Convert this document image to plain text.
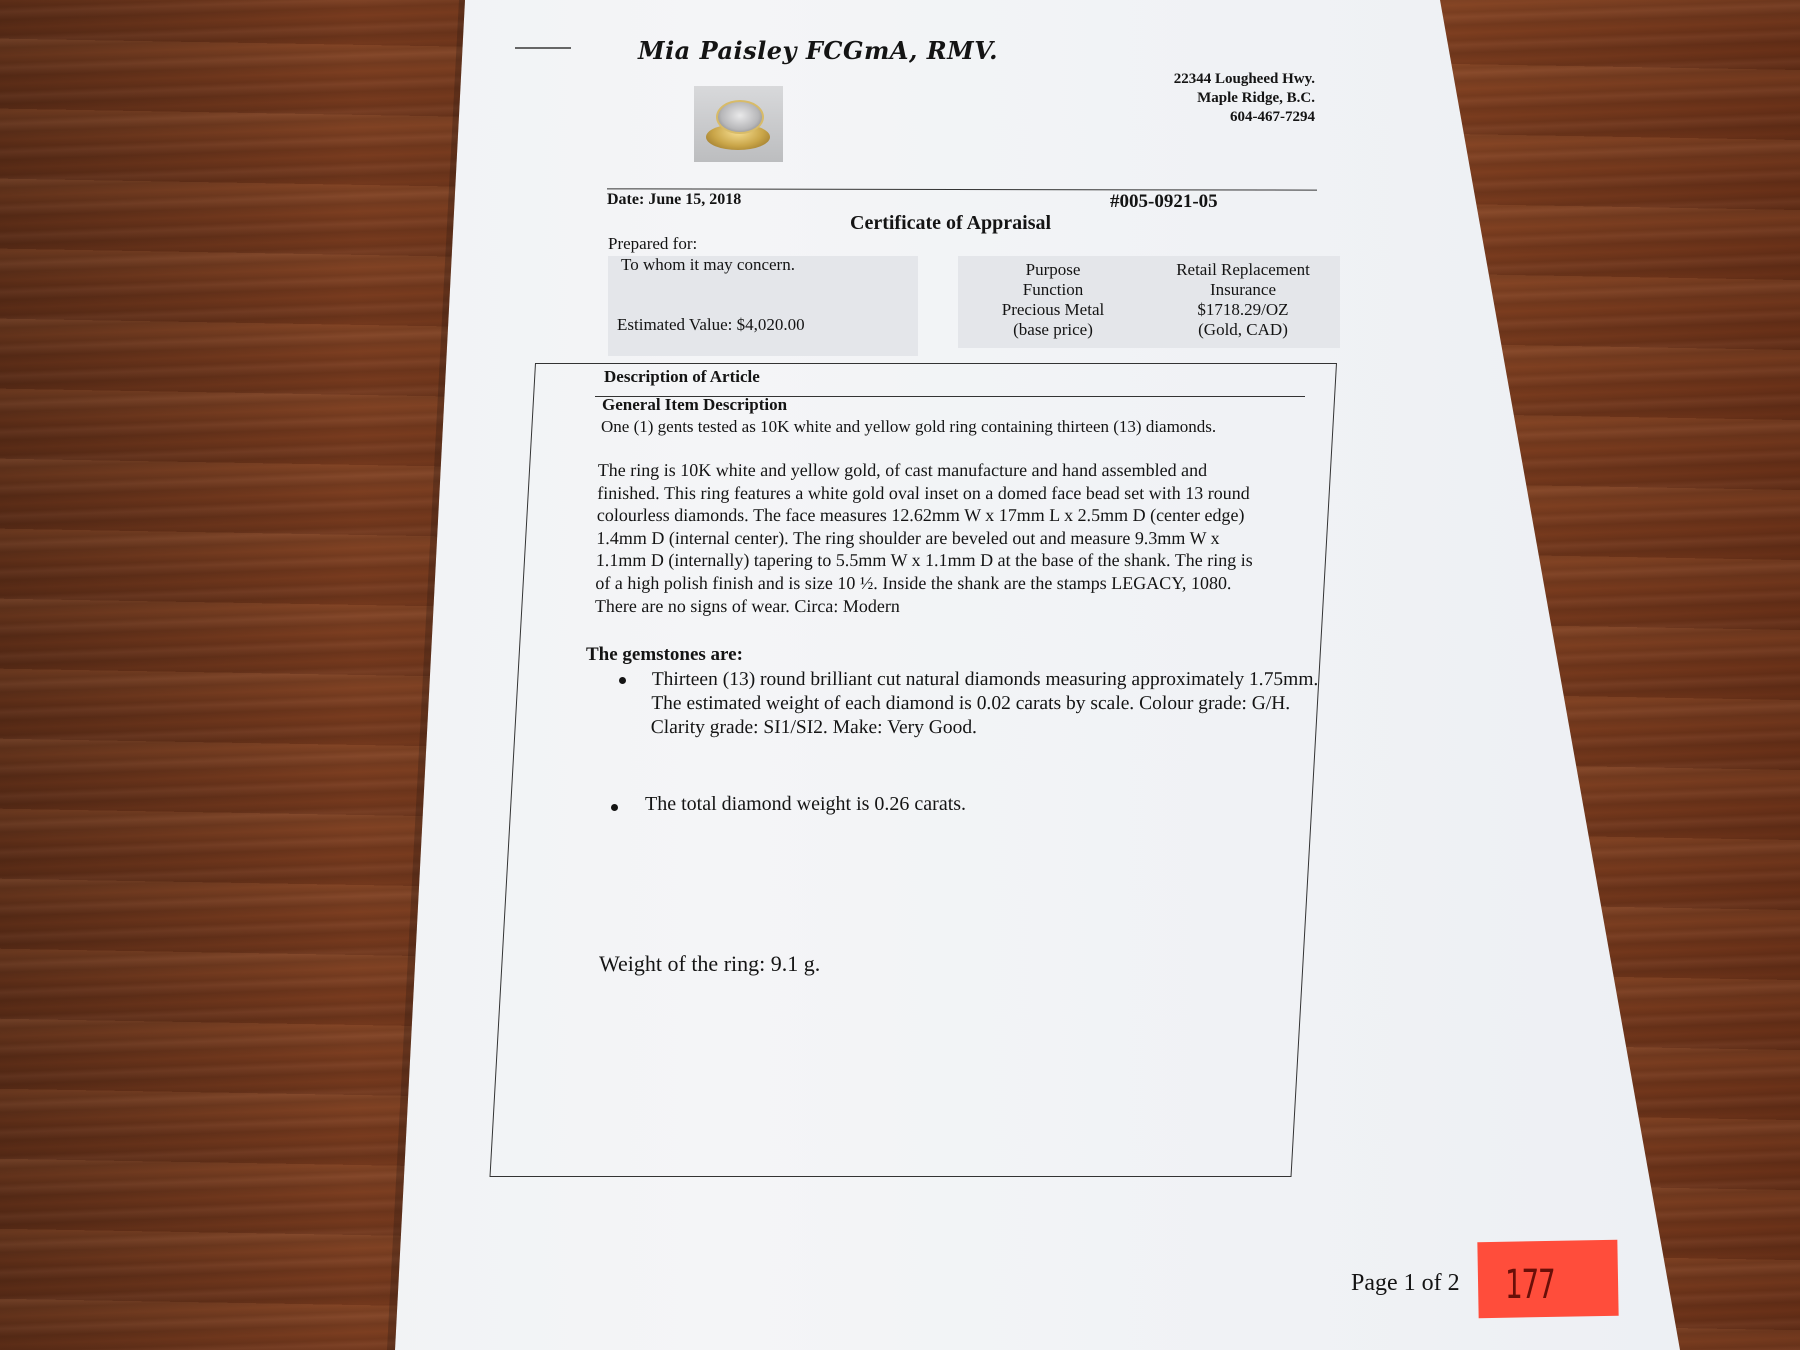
Mia Paisley FCGmA, RMV.
22344 Lougheed Hwy.
Maple Ridge, B.C.
604-467-7294
Date: June 15, 2018	#005-0921-05
Certificate of Appraisal
Prepared for:
To whom it may concern.
Estimated Value: $4,020.00
Purpose
Function
Precious Metal
(base price)
Retail Replacement
Insurance
$1718.29/OZ
(Gold, CAD)
Description of Article
General Item Description
One (1) gents tested as 10K white and yellow gold ring containing thirteen (13) diamonds.
The ring is 10K white and yellow gold, of cast manufacture and hand assembled and
finished. This ring features a white gold oval inset on a domed face bead set with 13 round
colourless diamonds. The face measures 12.62mm W x 17mm L x 2.5mm D (center edge)
1.4mm D (internal center). The ring shoulder are beveled out and measure 9.3mm W x
1.1mm D (internally) tapering to 5.5mm W x 1.1mm D at the base of the shank. The ring is
of a high polish finish and is size 10 ½. Inside the shank are the stamps LEGACY, 1080.
There are no signs of wear. Circa: Modern
The gemstones are:
Thirteen (13) round brilliant cut natural diamonds measuring approximately 1.75mm.
The estimated weight of each diamond is 0.02 carats by scale. Colour grade: G/H.
Clarity grade: SI1/SI2. Make: Very Good.
The total diamond weight is 0.26 carats.
Weight of the ring: 9.1 g.
Page 1 of 2 177
